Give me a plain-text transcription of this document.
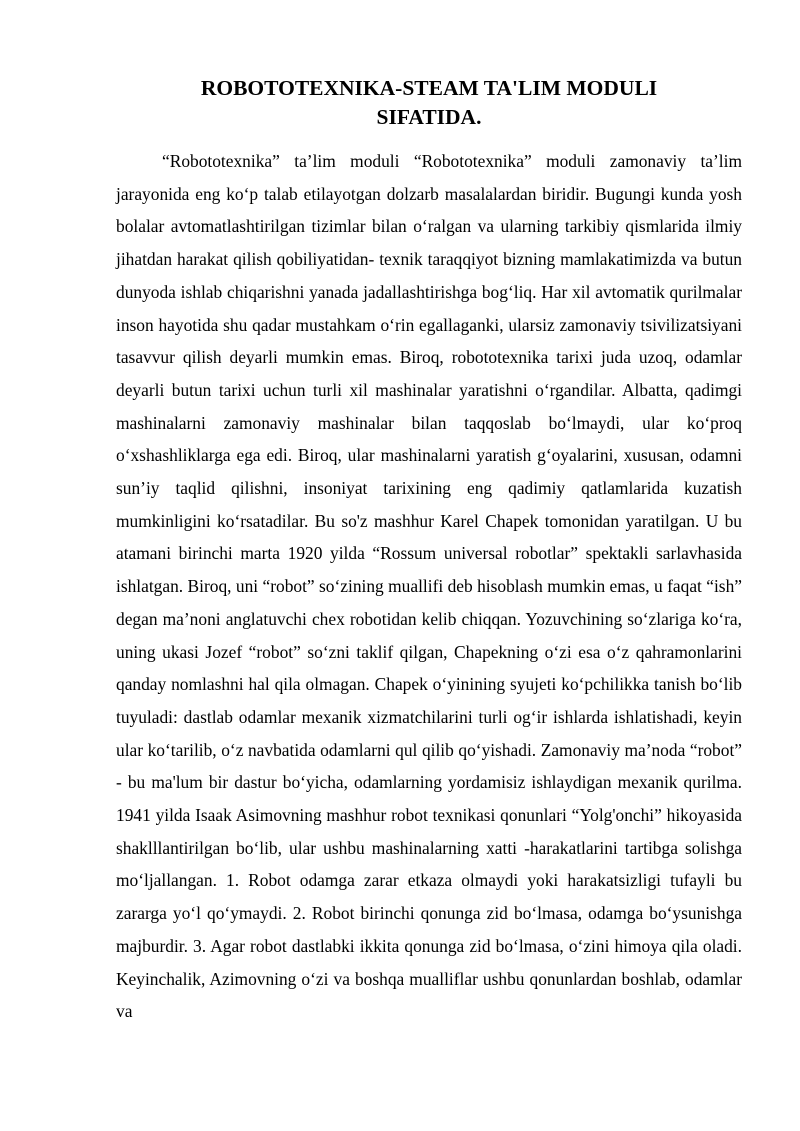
ROBOTOTEXNIKA-STEAM TA'LIM MODULI
SIFATIDA.

“Robototexnika” ta’lim moduli “Robototexnika” moduli zamonaviy ta’lim jarayonida eng koʻp talab etilayotgan dolzarb masalalardan biridir. Bugungi kunda yosh bolalar avtomatlashtirilgan tizimlar bilan oʻralgan va ularning tarkibiy qismlarida ilmiy jihatdan harakat qilish qobiliyatidan- texnik taraqqiyot bizning mamlakatimizda va butun dunyoda ishlab chiqarishni yanada jadallashtirishga bogʻliq. Har xil avtomatik qurilmalar inson hayotida shu qadar mustahkam oʻrin egallaganki, ularsiz zamonaviy tsivilizatsiyani tasavvur qilish deyarli mumkin emas. Biroq, robototexnika tarixi juda uzoq, odamlar deyarli butun tarixi uchun turli xil mashinalar yaratishni oʻrgandilar. Albatta, qadimgi mashinalarni zamonaviy mashinalar bilan taqqoslab boʻlmaydi, ular koʻproq oʻxshashliklarga ega edi. Biroq, ular mashinalarni yaratish gʻoyalarini, xususan, odamni sun’iy taqlid qilishni, insoniyat tarixining eng qadimiy qatlamlarida kuzatish mumkinligini koʻrsatadilar. Bu so'z mashhur Karel Chapek tomonidan yaratilgan. U bu atamani birinchi marta 1920 yilda “Rossum universal robotlar” spektakli sarlavhasida ishlatgan. Biroq, uni “robot” soʻzining muallifi deb hisoblash mumkin emas, u faqat “ish” degan ma’noni anglatuvchi chex robotidan kelib chiqqan. Yozuvchining soʻzlariga koʻra, uning ukasi Jozef “robot” soʻzni taklif qilgan, Chapekning oʻzi esa oʻz qahramonlarini qanday nomlashni hal qila olmagan. Chapek oʻyinining syujeti koʻpchilikka tanish boʻlib tuyuladi: dastlab odamlar mexanik xizmatchilarini turli ogʻir ishlarda ishlatishadi, keyin ular koʻtarilib, oʻz navbatida odamlarni qul qilib qoʻyishadi. Zamonaviy ma’noda “robot” - bu ma'lum bir dastur boʻyicha, odamlarning yordamisiz ishlaydigan mexanik qurilma. 1941 yilda Isaak Asimovning mashhur robot texnikasi qonunlari “Yolg'onchi” hikoyasida shaklllantirilgan boʻlib, ular ushbu mashinalarning xatti -harakatlarini tartibga solishga moʻljallangan. 1. Robot odamga zarar etkaza olmaydi yoki harakatsizligi tufayli bu zararga yoʻl qoʻymaydi. 2. Robot birinchi qonunga zid boʻlmasa, odamga boʻysunishga majburdir. 3. Agar robot dastlabki ikkita qonunga zid boʻlmasa, oʻzini himoya qila oladi. Keyinchalik, Azimovning oʻzi va boshqa mualliflar ushbu qonunlardan boshlab, odamlar va
